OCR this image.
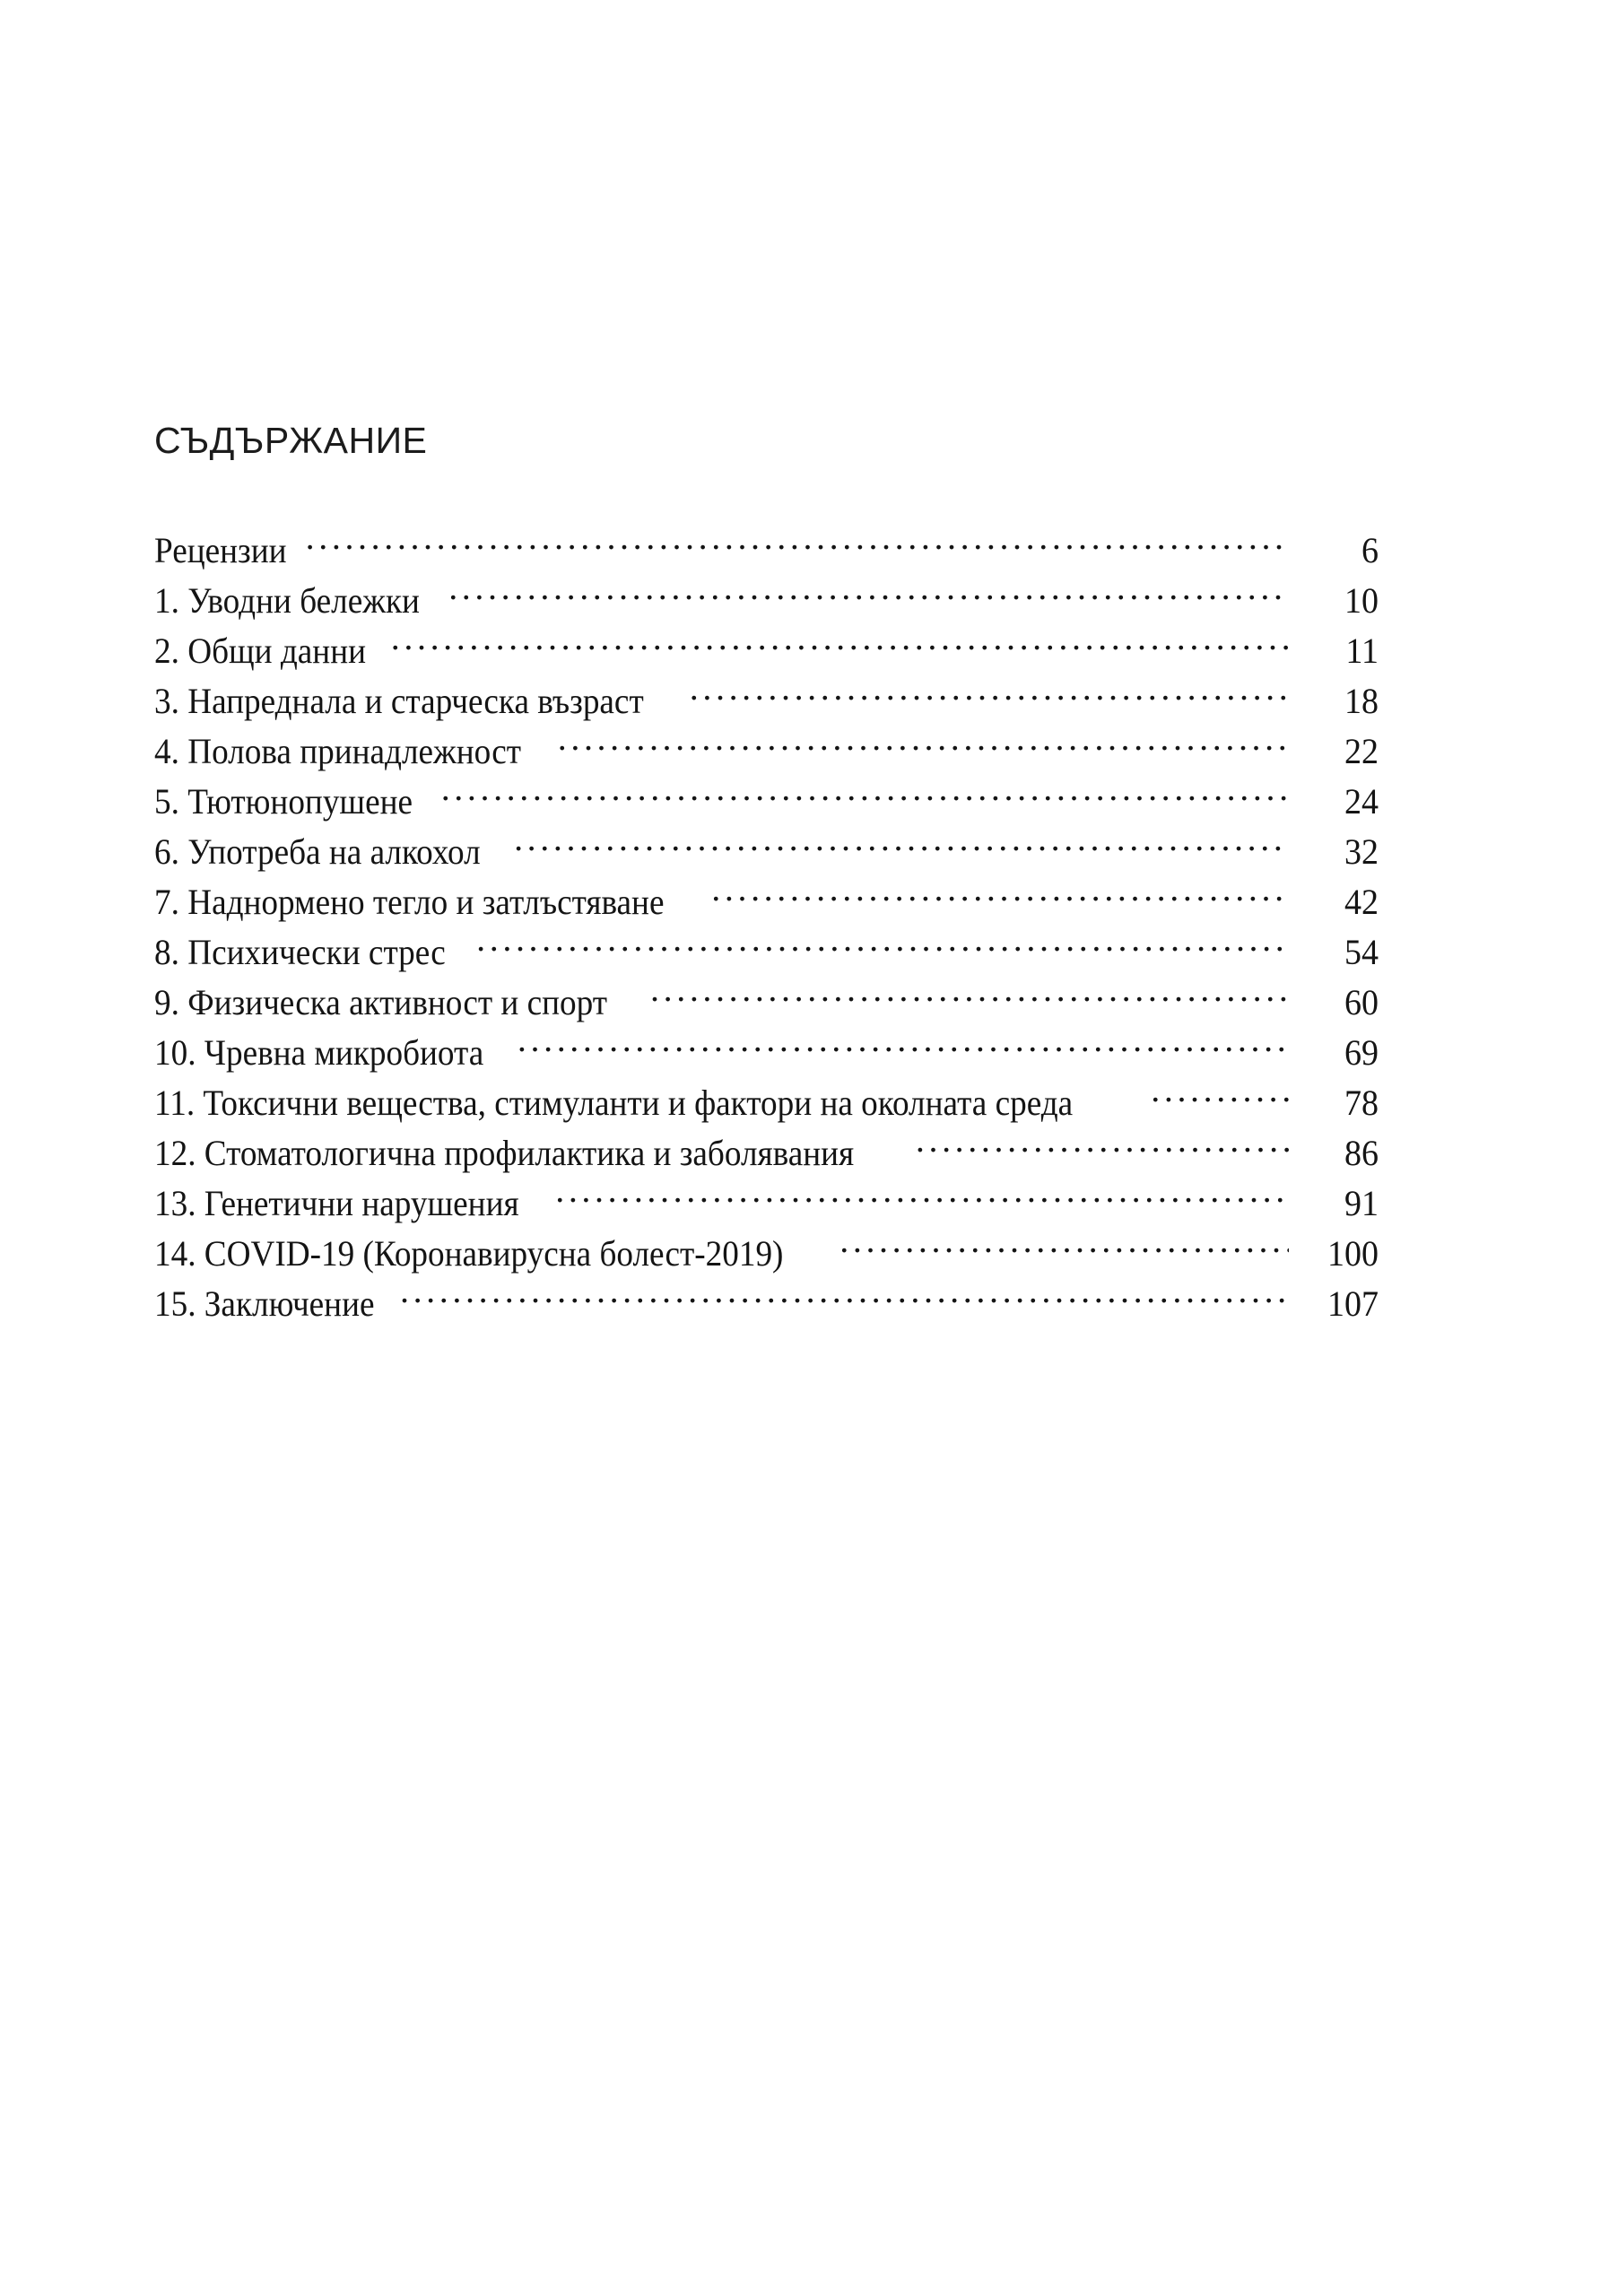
СЪДЪРЖАНИЕ
Рецензии .....	6
1. Уводни бележки .....	10
2. Общи данни .....	11
3. Напреднала и старческа възраст .....	18
4. Полова принадлежност .....	22
5. Тютюнопушене .....	24
6. Употреба на алкохол .....	32
7. Наднормено тегло и затлъстяване .....	42
8. Психически стрес .....	54
9. Физическа активност и спорт .....	60
10. Чревна микробиота .....	69
11. Токсични вещества, стимуланти и фактори на околната среда .....	78
12. Стоматологична профилактика и заболявания .....	86
13. Генетични нарушения .....	91
14. COVID-19 (Коронавирусна болест-2019) .....	100
15. Заключение .....	107
